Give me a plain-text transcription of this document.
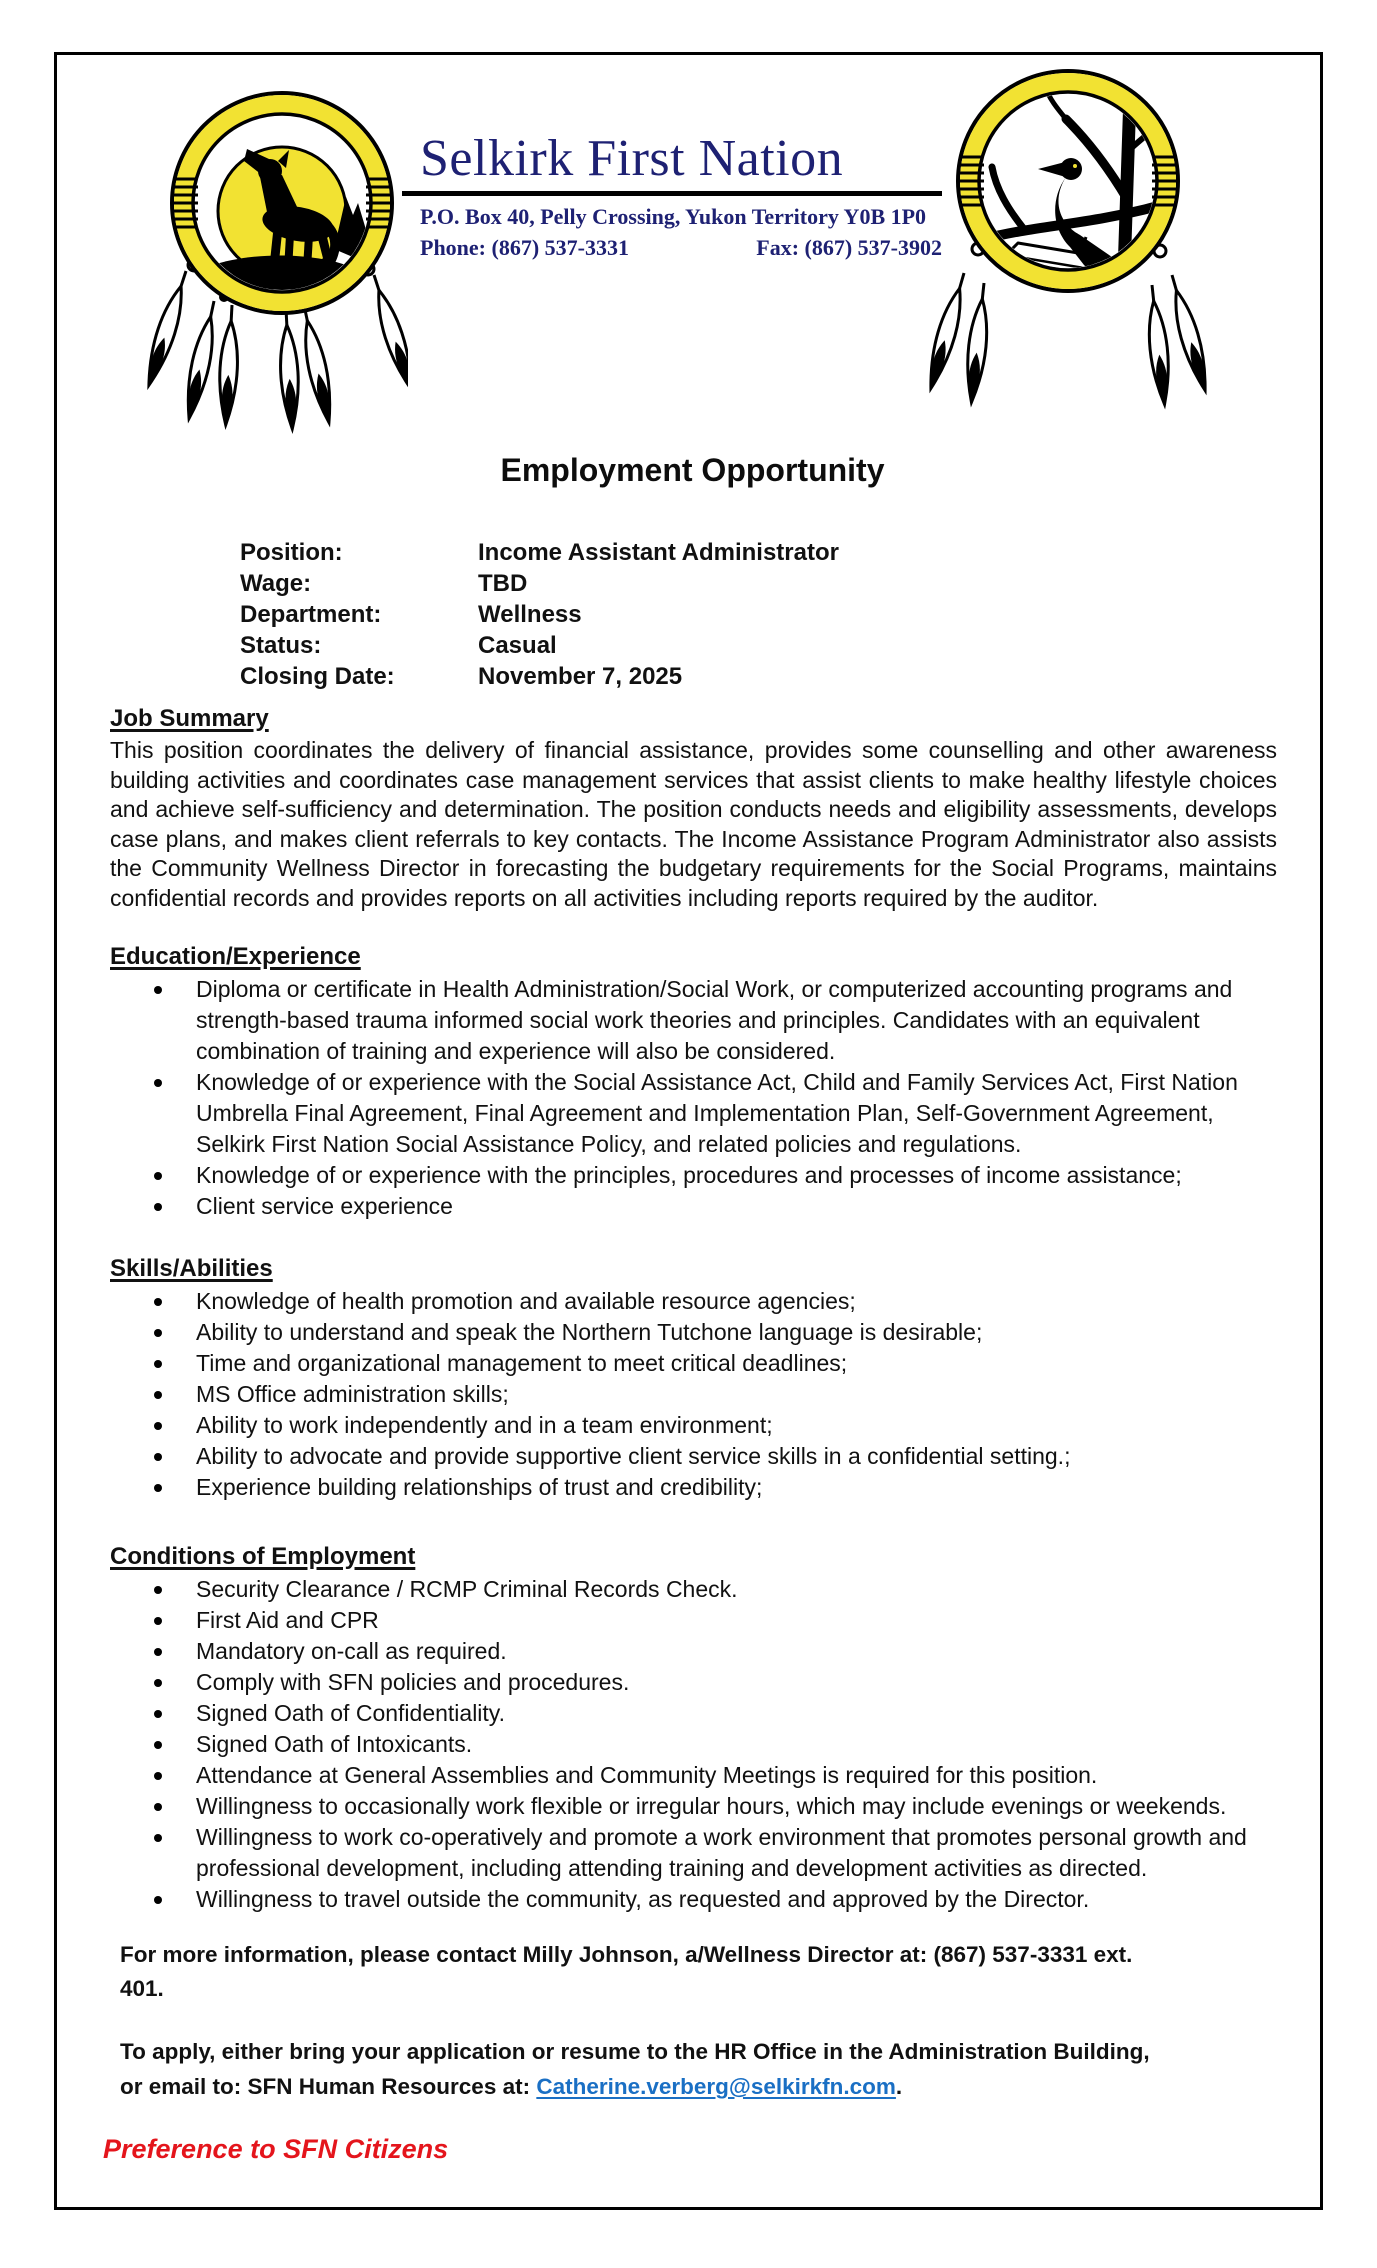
Selkirk First Nation
P.O. Box 40, Pelly Crossing, Yukon Territory Y0B 1P0
Phone: (867) 537-3331	Fax: (867) 537-3902
Employment Opportunity
Position:	Income Assistant Administrator
Wage:	TBD
Department:	Wellness
Status:	Casual
Closing Date:	November 7, 2025
Job Summary

This position coordinates the delivery of financial assistance, provides some counselling and other awareness building activities and coordinates case management services that assist clients to make healthy lifestyle choices and achieve self-sufficiency and determination. The position conducts needs and eligibility assessments, develops case plans, and makes client referrals to key contacts. The Income Assistance Program Administrator also assists the Community Wellness Director in forecasting the budgetary requirements for the Social Programs, maintains confidential records and provides reports on all activities including reports required by the auditor.

Education/Experience
Diploma or certificate in Health Administration/Social Work, or computerized accounting programs and strength-based trauma informed social work theories and principles. Candidates with an equivalent combination of training and experience will also be considered.
Knowledge of or experience with the Social Assistance Act, Child and Family Services Act, First Nation Umbrella Final Agreement, Final Agreement and Implementation Plan, Self-Government Agreement, Selkirk First Nation Social Assistance Policy, and related policies and regulations.
Knowledge of or experience with the principles, procedures and processes of income assistance;
Client service experience
Skills/Abilities
Knowledge of health promotion and available resource agencies;
Ability to understand and speak the Northern Tutchone language is desirable;
Time and organizational management to meet critical deadlines;
MS Office administration skills;
Ability to work independently and in a team environment;
Ability to advocate and provide supportive client service skills in a confidential setting.;
Experience building relationships of trust and credibility;
Conditions of Employment
Security Clearance / RCMP Criminal Records Check.
First Aid and CPR
Mandatory on-call as required.
Comply with SFN policies and procedures.
Signed Oath of Confidentiality.
Signed Oath of Intoxicants.
Attendance at General Assemblies and Community Meetings is required for this position.
Willingness to occasionally work flexible or irregular hours, which may include evenings or weekends.
Willingness to work co-operatively and promote a work environment that promotes personal growth and professional development, including attending training and development activities as directed.
Willingness to travel outside the community, as requested and approved by the Director.

For more information, please contact Milly Johnson, a/Wellness Director at: (867) 537-3331 ext. 401.

To apply, either bring your application or resume to the HR Office in the Administration Building, or email to: SFN Human Resources at: Catherine.verberg@selkirkfn.com.

Preference to SFN Citizens
